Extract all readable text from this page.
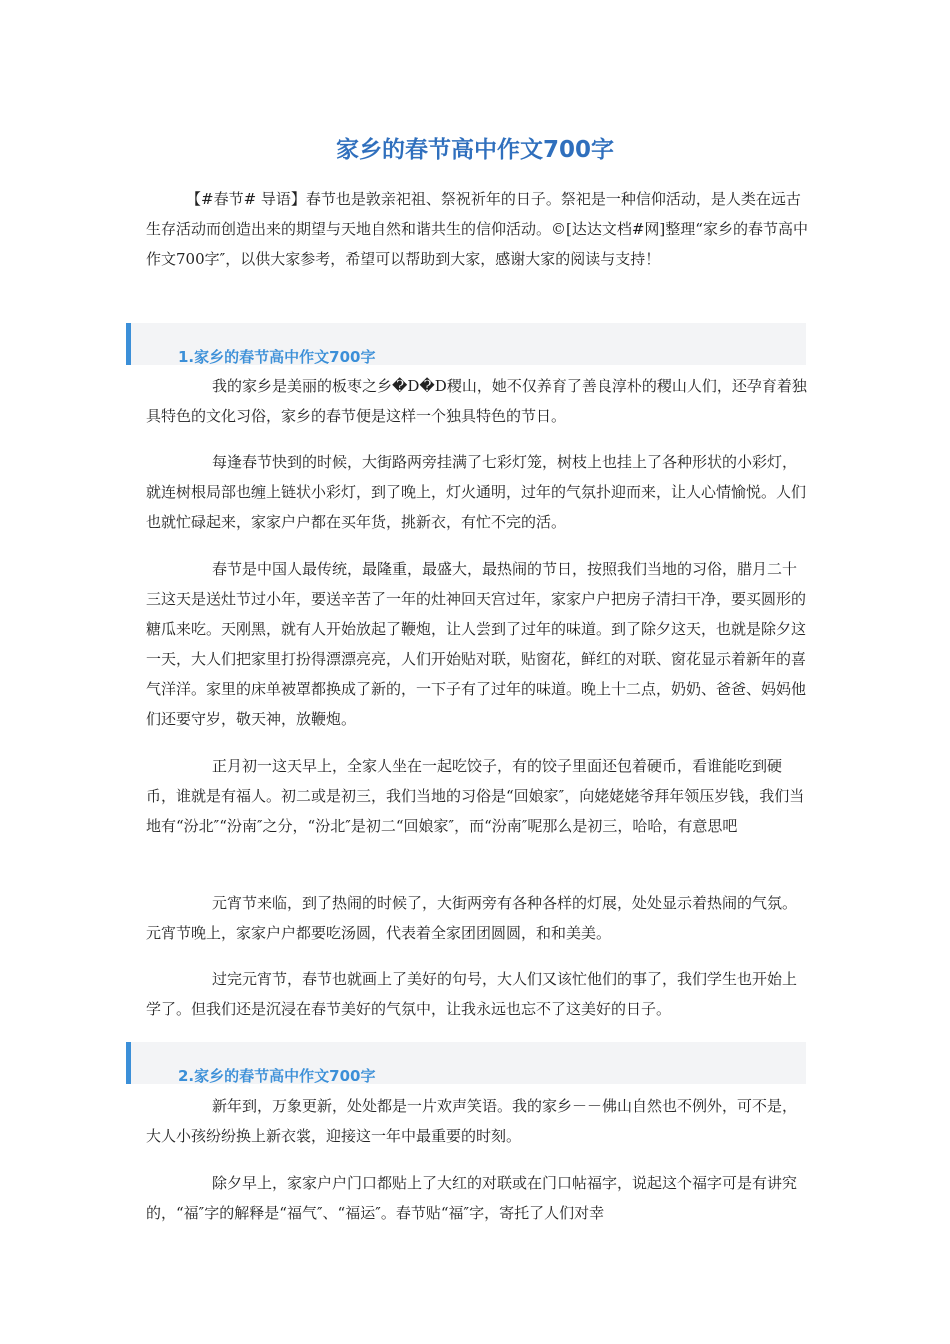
家乡的春节高中作文700字

【#春节# 导语】春节也是敦亲祀祖、祭祝祈年的日子。祭祀是一种信仰活动，是人类在远古生存活动而创造出来的期望与天地自然和谐共生的信仰活动。©[达达文档#网]整理“家乡的春节高中作文700字″，以供大家参考，希望可以帮助到大家，感谢大家的阅读与支持！

1.家乡的春节高中作文700字

我的家乡是美丽的板枣之乡�D�D稷山，她不仅养育了善良淳朴的稷山人们，还孕育着独具特色的文化习俗，家乡的春节便是这样一个独具特色的节日。

每逢春节快到的时候，大街路两旁挂满了七彩灯笼，树枝上也挂上了各种形状的小彩灯，就连树根局部也缠上链状小彩灯，到了晚上，灯火通明，过年的气氛扑迎而来，让人心情愉悦。人们也就忙碌起来，家家户户都在买年货，挑新衣，有忙不完的活。

春节是中国人最传统，最隆重，最盛大，最热闹的节日，按照我们当地的习俗，腊月二十三这天是送灶节过小年，要送辛苦了一年的灶神回天宫过年，家家户户把房子清扫干净，要买圆形的糖瓜来吃。天刚黑，就有人开始放起了鞭炮，让人尝到了过年的味道。到了除夕这天，也就是除夕这一天，大人们把家里打扮得漂漂亮亮，人们开始贴对联，贴窗花，鲜红的对联、窗花显示着新年的喜气洋洋。家里的床单被罩都换成了新的，一下子有了过年的味道。晚上十二点，奶奶、爸爸、妈妈他们还要守岁，敬天神，放鞭炮。

正月初一这天早上，全家人坐在一起吃饺子，有的饺子里面还包着硬币，看谁能吃到硬币，谁就是有福人。初二或是初三，我们当地的习俗是“回娘家″，向姥姥姥爷拜年领压岁钱，我们当地有“汾北″“汾南″之分，“汾北″是初二“回娘家″，而“汾南″呢那么是初三，哈哈，有意思吧

元宵节来临，到了热闹的时候了，大街两旁有各种各样的灯展，处处显示着热闹的气氛。元宵节晚上，家家户户都要吃汤圆，代表着全家团团圆圆，和和美美。

过完元宵节，春节也就画上了美好的句号，大人们又该忙他们的事了，我们学生也开始上学了。但我们还是沉浸在春节美好的气氛中，让我永远也忘不了这美好的日子。

2.家乡的春节高中作文700字

新年到，万象更新，处处都是一片欢声笑语。我的家乡－－佛山自然也不例外，可不是，大人小孩纷纷换上新衣裳，迎接这一年中最重要的时刻。

除夕早上，家家户户门口都贴上了大红的对联或在门口帖福字，说起这个福字可是有讲究的，“福″字的解释是“福气″、“福运″。春节贴“福″字，寄托了人们对幸
